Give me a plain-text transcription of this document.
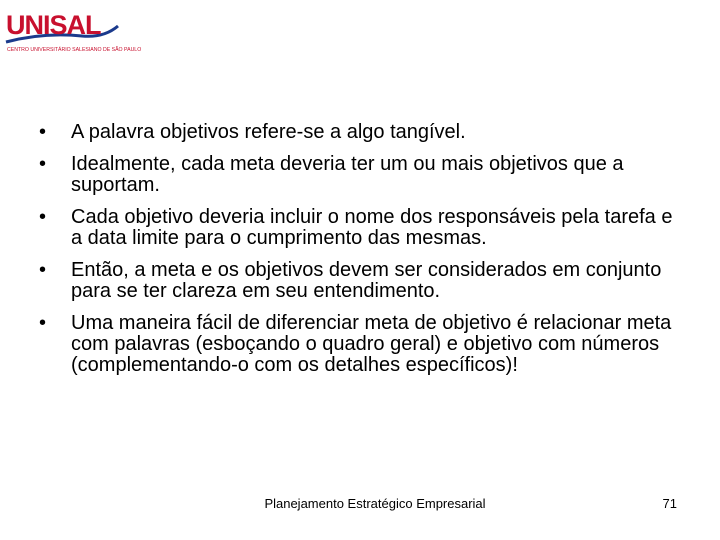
UNISAL
CENTRO UNIVERSITÁRIO SALESIANO DE SÃO PAULO
• A palavra objetivos refere-se a algo tangível.
• Idealmente, cada meta deveria ter um ou mais objetivos que a suportam.
• Cada objetivo deveria incluir o nome dos responsáveis pela tarefa e a data limite para o cumprimento das mesmas.
• Então, a meta e os objetivos devem ser considerados em conjunto para se ter clareza em seu entendimento.
• Uma maneira fácil de diferenciar meta de objetivo é relacionar meta com palavras (esboçando o quadro geral) e objetivo com números (complementando-o com os detalhes específicos)!
Planejamento Estratégico Empresarial	71
